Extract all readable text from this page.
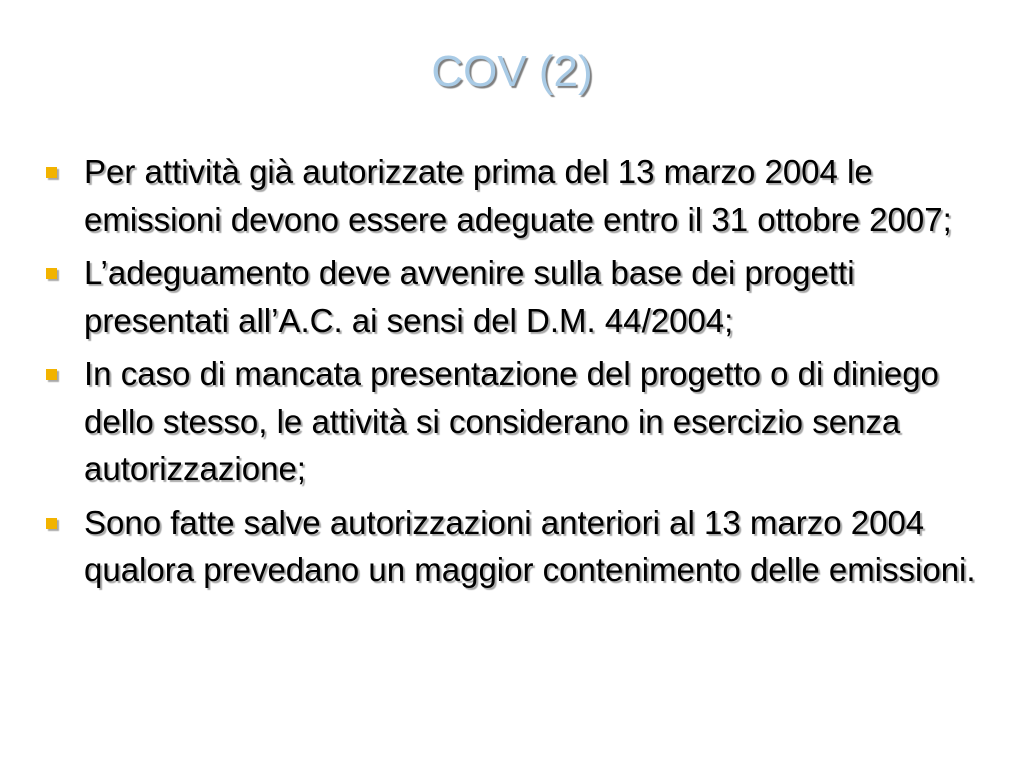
COV (2)
Per attività già autorizzate prima del 13 marzo 2004 le emissioni devono essere adeguate entro il 31 ottobre 2007;
L’adeguamento deve avvenire sulla base dei progetti presentati all’A.C. ai sensi del D.M. 44/2004;
In caso di mancata presentazione del progetto o di diniego dello stesso, le attività si considerano in esercizio senza autorizzazione;
Sono fatte salve autorizzazioni anteriori al 13 marzo 2004 qualora prevedano un maggior contenimento delle emissioni.
